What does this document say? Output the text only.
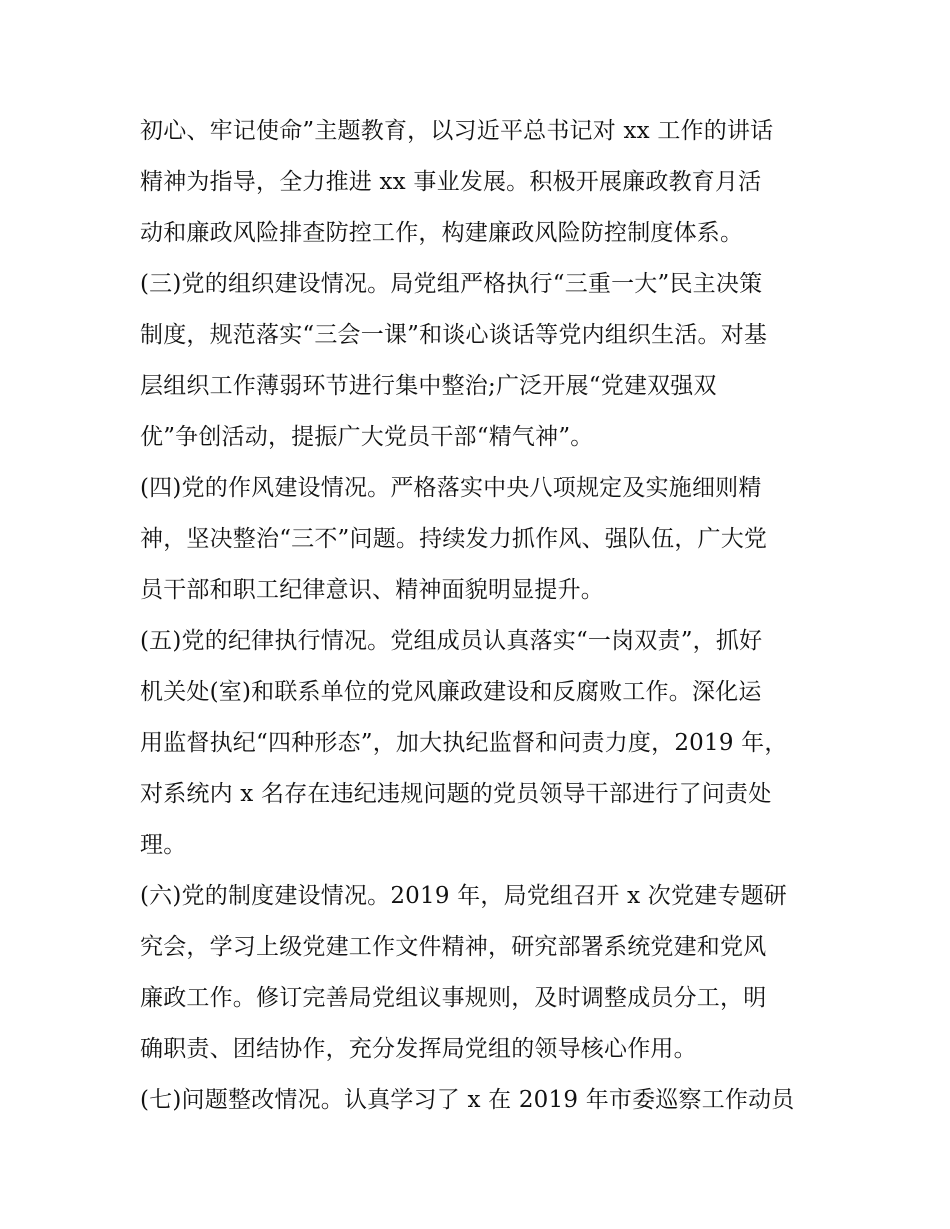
初心、牢记使命”主题教育，以习近平总书记对 xx 工作的讲话
精神为指导，全力推进 xx 事业发展。积极开展廉政教育月活
动和廉政风险排查防控工作，构建廉政风险防控制度体系。
(三)党的组织建设情况。局党组严格执行“三重一大”民主决策
制度，规范落实“三会一课”和谈心谈话等党内组织生活。对基
层组织工作薄弱环节进行集中整治;广泛开展“党建双强双
优”争创活动，提振广大党员干部“精气神”。
(四)党的作风建设情况。严格落实中央八项规定及实施细则精
神，坚决整治“三不”问题。持续发力抓作风、强队伍，广大党
员干部和职工纪律意识、精神面貌明显提升。
(五)党的纪律执行情况。党组成员认真落实“一岗双责”，抓好
机关处(室)和联系单位的党风廉政建设和反腐败工作。深化运
用监督执纪“四种形态”，加大执纪监督和问责力度，2019 年，
对系统内 x 名存在违纪违规问题的党员领导干部进行了问责处
理。
(六)党的制度建设情况。2019 年，局党组召开 x 次党建专题研
究会，学习上级党建工作文件精神，研究部署系统党建和党风
廉政工作。修订完善局党组议事规则，及时调整成员分工，明
确职责、团结协作，充分发挥局党组的领导核心作用。
(七)问题整改情况。认真学习了 x 在 2019 年市委巡察工作动员
